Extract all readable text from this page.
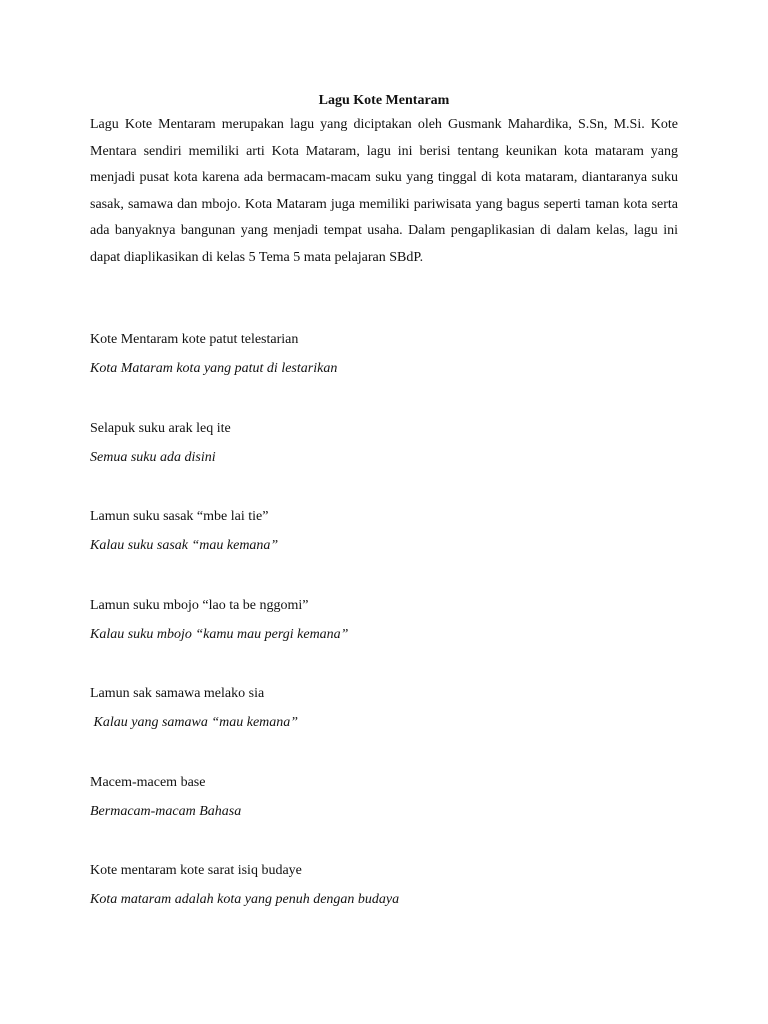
Lagu Kote Mentaram

Lagu Kote Mentaram merupakan lagu yang diciptakan oleh Gusmank Mahardika, S.Sn, M.Si. Kote Mentara sendiri memiliki arti Kota Mataram, lagu ini berisi tentang keunikan kota mataram yang menjadi pusat kota karena ada bermacam-macam suku yang tinggal di kota mataram, diantaranya suku sasak, samawa dan mbojo. Kota Mataram juga memiliki pariwisata yang bagus seperti taman kota serta ada banyaknya bangunan yang menjadi tempat usaha. Dalam pengaplikasian di dalam kelas, lagu ini dapat diaplikasikan di kelas 5 Tema 5 mata pelajaran SBdP.

Kote Mentaram kote patut telestarian
Kota Mataram kota yang patut di lestarikan
Selapuk suku arak leq ite
Semua suku ada disini
Lamun suku sasak “mbe lai tie”
Kalau suku sasak “mau kemana”
Lamun suku mbojo “lao ta be nggomi”
Kalau suku mbojo “kamu mau pergi kemana”
Lamun sak samawa melako sia
Kalau yang samawa “mau kemana”
Macem-macem base
Bermacam-macam Bahasa
Kote mentaram kote sarat isiq budaye
Kota mataram adalah kota yang penuh dengan budaya
